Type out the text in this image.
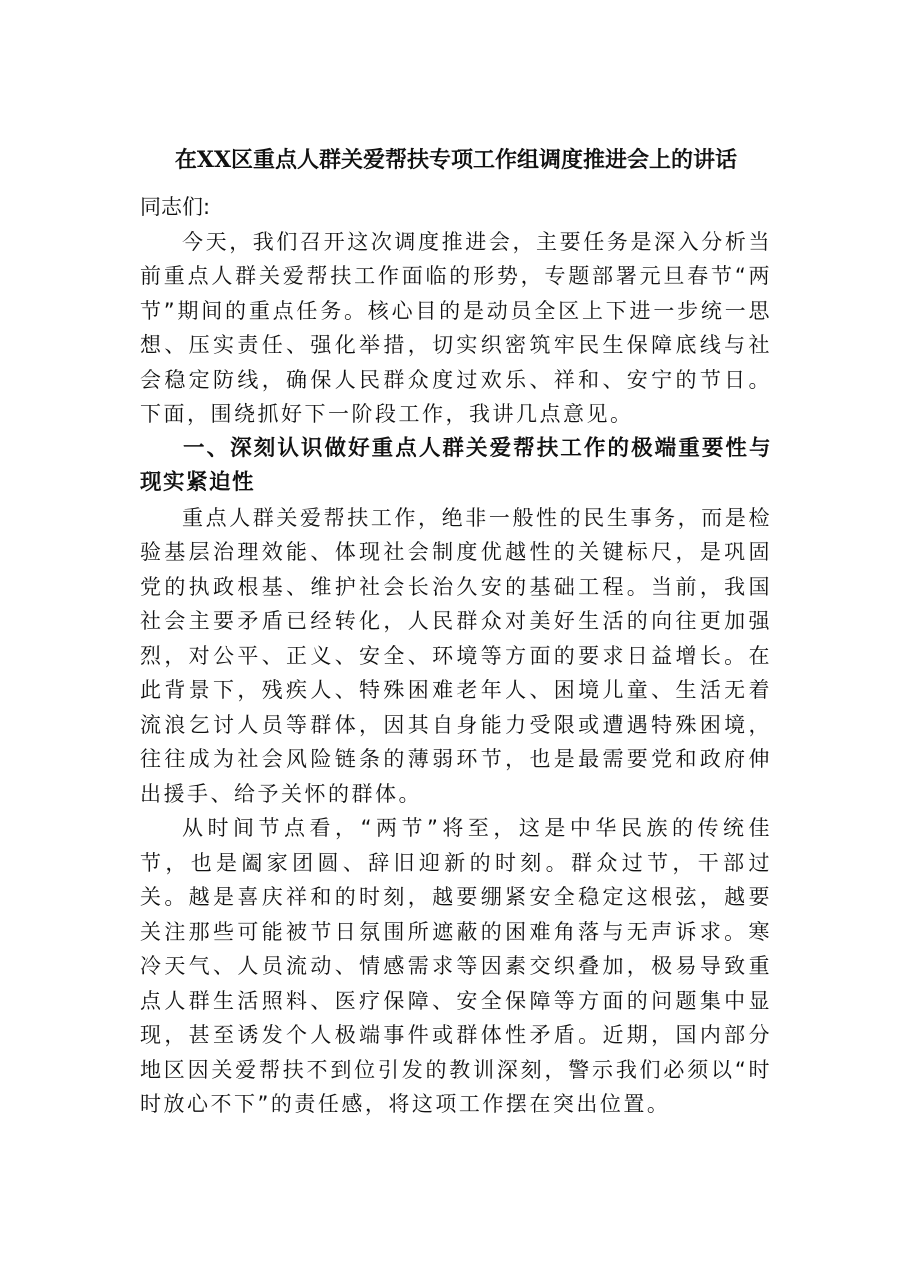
在XX区重点人群关爱帮扶专项工作组调度推进会上的讲话

同志们:

今天，我们召开这次调度推进会，主要任务是深入分析当前重点人群关爱帮扶工作面临的形势，专题部署元旦春节“两节”期间的重点任务。核心目的是动员全区上下进一步统一思想、压实责任、强化举措，切实织密筑牢民生保障底线与社会稳定防线，确保人民群众度过欢乐、祥和、安宁的节日。下面，围绕抓好下一阶段工作，我讲几点意见。

一、深刻认识做好重点人群关爱帮扶工作的极端重要性与现实紧迫性

重点人群关爱帮扶工作，绝非一般性的民生事务，而是检验基层治理效能、体现社会制度优越性的关键标尺，是巩固党的执政根基、维护社会长治久安的基础工程。当前，我国社会主要矛盾已经转化，人民群众对美好生活的向往更加强烈，对公平、正义、安全、环境等方面的要求日益增长。在此背景下，残疾人、特殊困难老年人、困境儿童、生活无着流浪乞讨人员等群体，因其自身能力受限或遭遇特殊困境，往往成为社会风险链条的薄弱环节，也是最需要党和政府伸出援手、给予关怀的群体。

从时间节点看，“两节”将至，这是中华民族的传统佳节，也是阖家团圆、辞旧迎新的时刻。群众过节，干部过关。越是喜庆祥和的时刻，越要绷紧安全稳定这根弦，越要关注那些可能被节日氛围所遮蔽的困难角落与无声诉求。寒冷天气、人员流动、情感需求等因素交织叠加，极易导致重点人群生活照料、医疗保障、安全保障等方面的问题集中显现，甚至诱发个人极端事件或群体性矛盾。近期，国内部分地区因关爱帮扶不到位引发的教训深刻，警示我们必须以“时时放心不下”的责任感，将这项工作摆在突出位置。
